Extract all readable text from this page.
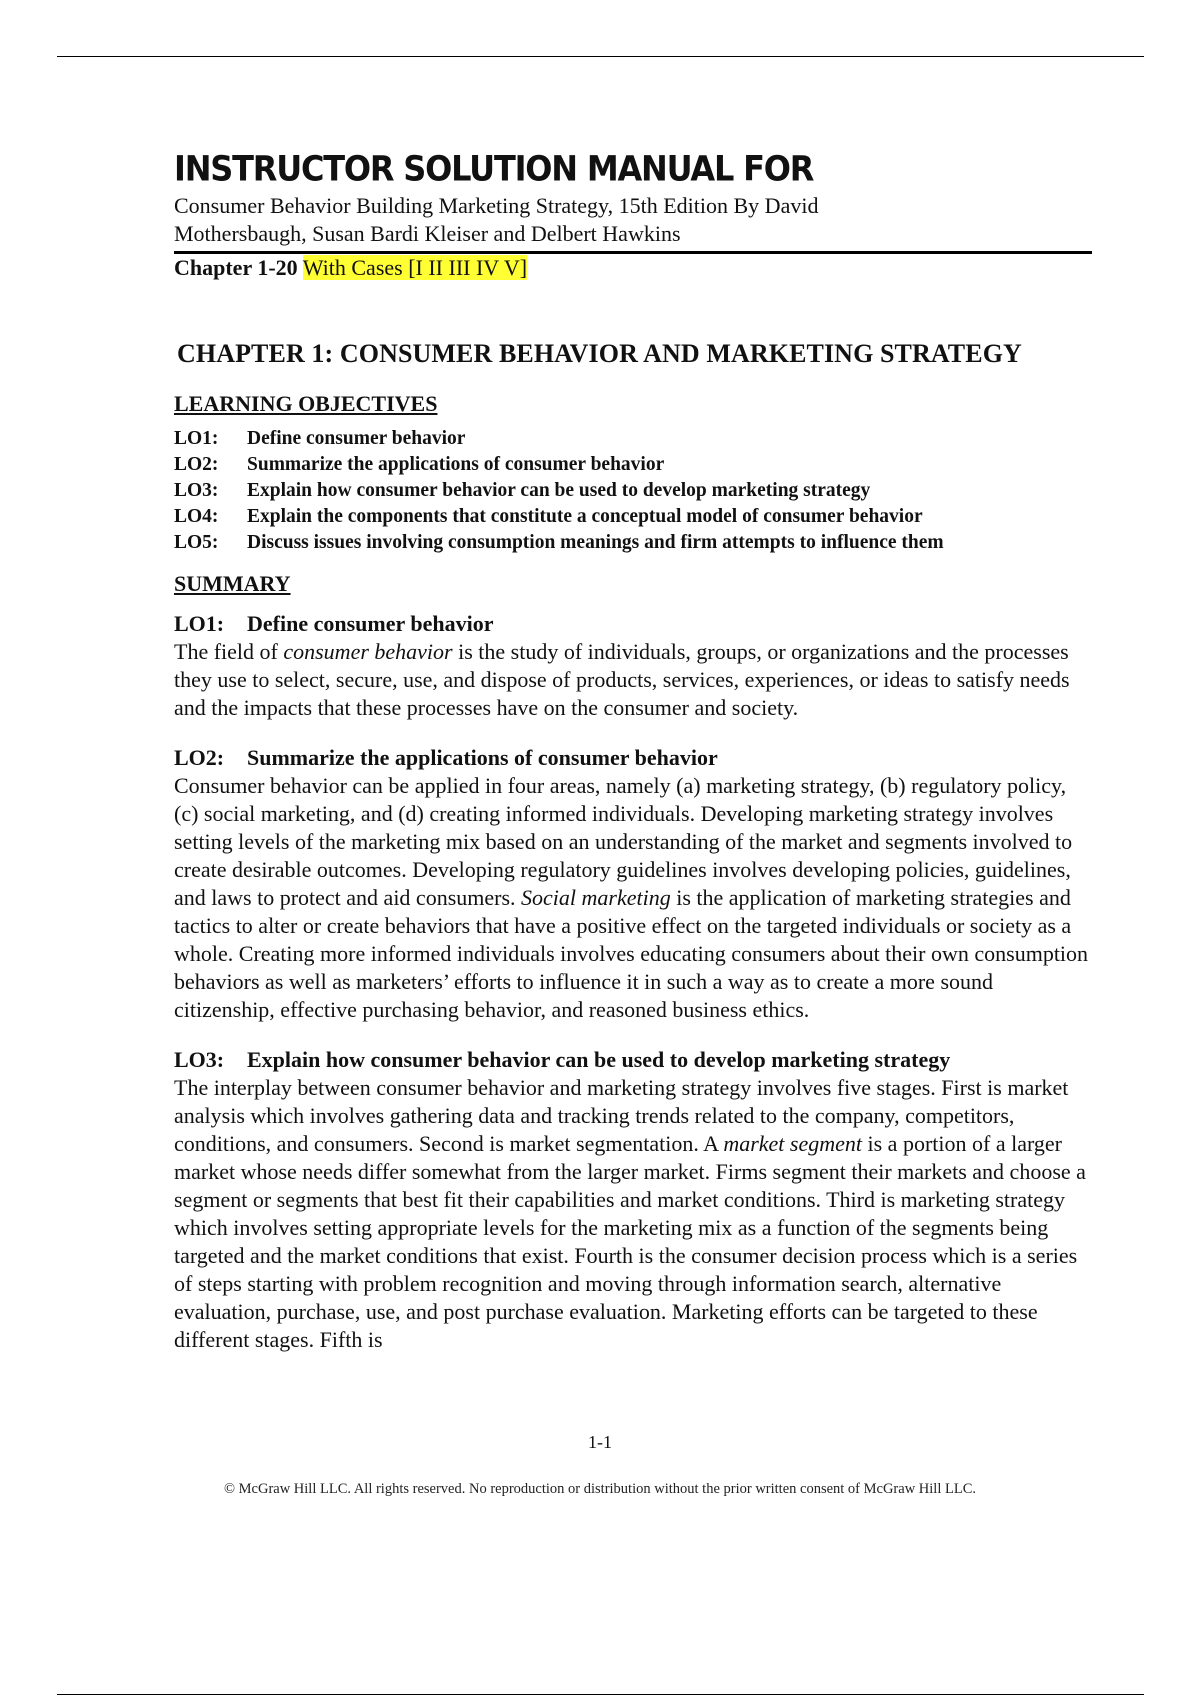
INSTRUCTOR SOLUTION MANUAL FOR
Consumer Behavior Building Marketing Strategy, 15th Edition By David
Mothersbaugh, Susan Bardi Kleiser and Delbert Hawkins
Chapter 1-20 With Cases [I II III IV V]
CHAPTER 1: CONSUMER BEHAVIOR AND MARKETING STRATEGY
LEARNING OBJECTIVES
LO1:	Define consumer behavior
LO2:	Summarize the applications of consumer behavior
LO3:	Explain how consumer behavior can be used to develop marketing strategy
LO4:	Explain the components that constitute a conceptual model of consumer behavior
LO5:	Discuss issues involving consumption meanings and firm attempts to influence them
SUMMARY
LO1:	Define consumer behavior

The field of consumer behavior is the study of individuals, groups, or organizations and the processes they use to select, secure, use, and dispose of products, services, experiences, or ideas to satisfy needs and the impacts that these processes have on the consumer and society.

LO2:	Summarize the applications of consumer behavior

Consumer behavior can be applied in four areas, namely (a) marketing strategy, (b) regulatory policy, (c) social marketing, and (d) creating informed individuals. Developing marketing strategy involves setting levels of the marketing mix based on an understanding of the market and segments involved to create desirable outcomes. Developing regulatory guidelines involves developing policies, guidelines, and laws to protect and aid consumers. Social marketing is the application of marketing strategies and tactics to alter or create behaviors that have a positive effect on the targeted individuals or society as a whole. Creating more informed individuals involves educating consumers about their own consumption behaviors as well as marketers’ efforts to influence it in such a way as to create a more sound citizenship, effective purchasing behavior, and reasoned business ethics.

LO3:	Explain how consumer behavior can be used to develop marketing strategy

The interplay between consumer behavior and marketing strategy involves five stages. First is market analysis which involves gathering data and tracking trends related to the company, competitors, conditions, and consumers. Second is market segmentation. A market segment is a portion of a larger market whose needs differ somewhat from the larger market. Firms segment their markets and choose a segment or segments that best fit their capabilities and market conditions. Third is marketing strategy which involves setting appropriate levels for the marketing mix as a function of the segments being targeted and the market conditions that exist. Fourth is the consumer decision process which is a series of steps starting with problem recognition and moving through information search, alternative evaluation, purchase, use, and post purchase evaluation. Marketing efforts can be targeted to these different stages. Fifth is

1-1
© McGraw Hill LLC. All rights reserved. No reproduction or distribution without the prior written consent of McGraw Hill LLC.
